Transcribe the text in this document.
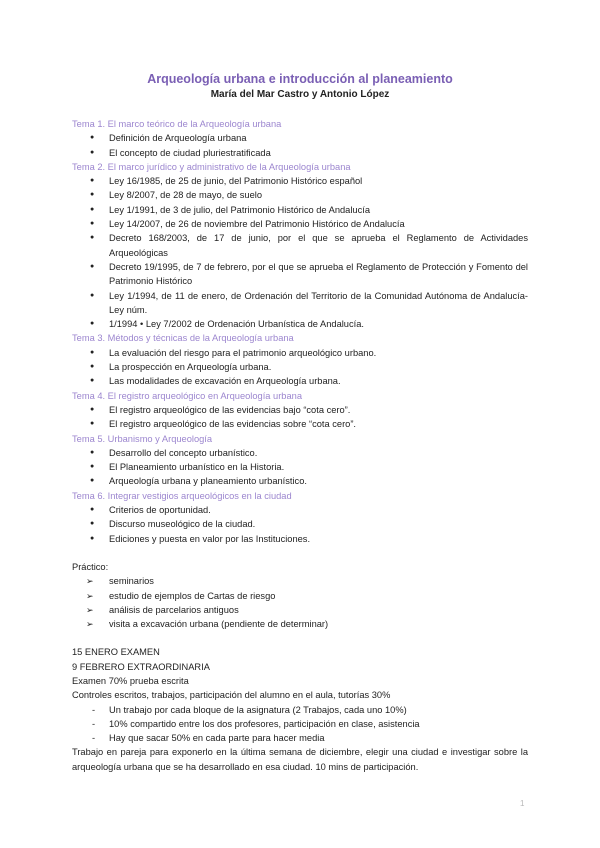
Arqueología urbana e introducción al planeamiento
María del Mar Castro y Antonio López

Tema 1. El marco teórico de la Arqueología urbana

● Definición de Arqueología urbana
● El concepto de ciudad pluriestratificada

Tema 2. El marco jurídico y administrativo de la Arqueología urbana

● Ley 16/1985, de 25 de junio, del Patrimonio Histórico español
● Ley 8/2007, de 28 de mayo, de suelo
● Ley 1/1991, de 3 de julio, del Patrimonio Histórico de Andalucía
● Ley 14/2007, de 26 de noviembre del Patrimonio Histórico de Andalucía
● Decreto 168/2003, de 17 de junio, por el que se aprueba el Reglamento de Actividades Arqueológicas
● Decreto 19/1995, de 7 de febrero, por el que se aprueba el Reglamento de Protección y Fomento del Patrimonio Histórico
● Ley 1/1994, de 11 de enero, de Ordenación del Territorio de la Comunidad Autónoma de Andalucía- Ley núm.
● 1/1994 • Ley 7/2002 de Ordenación Urbanística de Andalucía.

Tema 3. Métodos y técnicas de la Arqueología urbana

● La evaluación del riesgo para el patrimonio arqueológico urbano.
● La prospección en Arqueología urbana.
● Las modalidades de excavación en Arqueología urbana.

Tema 4. El registro arqueológico en Arqueología urbana

● El registro arqueológico de las evidencias bajo “cota cero”.
● El registro arqueológico de las evidencias sobre “cota cero”.

Tema 5. Urbanismo y Arqueología

● Desarrollo del concepto urbanístico.
● El Planeamiento urbanístico en la Historia.
● Arqueología urbana y planeamiento urbanístico.

Tema 6. Integrar vestigios arqueológicos en la ciudad

● Criterios de oportunidad.
● Discurso museológico de la ciudad.
● Ediciones y puesta en valor por las Instituciones.

Práctico:

➢ seminarios
➢ estudio de ejemplos de Cartas de riesgo
➢ análisis de parcelarios antiguos
➢ visita a excavación urbana (pendiente de determinar)

15 ENERO EXAMEN

9 FEBRERO EXTRAORDINARIA

Examen 70% prueba escrita

Controles escritos, trabajos, participación del alumno en el aula, tutorías 30%

- Un trabajo por cada bloque de la asignatura (2 Trabajos, cada uno 10%)
- 10% compartido entre los dos profesores, participación en clase, asistencia
- Hay que sacar 50% en cada parte para hacer media

Trabajo en pareja para exponerlo en la última semana de diciembre, elegir una ciudad e investigar sobre la arqueología urbana que se ha desarrollado en esa ciudad. 10 mins de participación.

1
